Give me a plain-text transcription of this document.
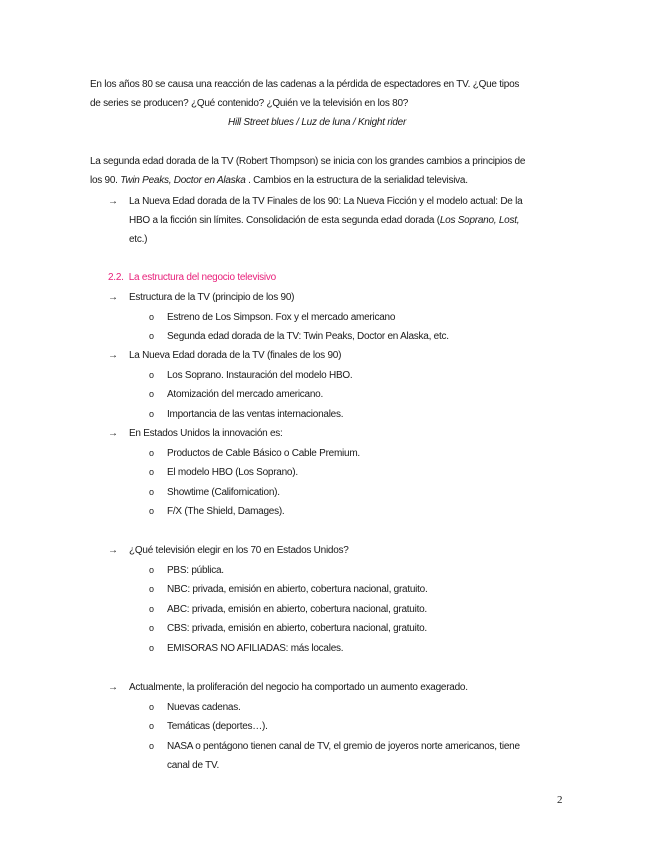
En los años 80 se causa una reacción de las cadenas a la pérdida de espectadores en TV. ¿Que tipos
de series se producen? ¿Qué contenido? ¿Quién ve la televisión en los 80?
Hill Street blues / Luz de luna / Knight rider
La segunda edad dorada de la TV (Robert Thompson) se inicia con los grandes cambios a principios de
los 90. Twin Peaks, Doctor en Alaska . Cambios en la estructura de la serialidad televisiva.
→ La Nueva Edad dorada de la TV Finales de los 90: La Nueva Ficción y el modelo actual: De la
HBO a la ficción sin límites. Consolidación de esta segunda edad dorada (Los Soprano, Lost,
etc.)
2.2. La estructura del negocio televisivo
→ Estructura de la TV (principio de los 90)
o Estreno de Los Simpson. Fox y el mercado americano
o Segunda edad dorada de la TV: Twin Peaks, Doctor en Alaska, etc.
→ La Nueva Edad dorada de la TV (finales de los 90)
o Los Soprano. Instauración del modelo HBO.
o Atomización del mercado americano.
o Importancia de las ventas internacionales.
→ En Estados Unidos la innovación es:
o Productos de Cable Básico o Cable Premium.
o El modelo HBO (Los Soprano).
o Showtime (Californication).
o F/X (The Shield, Damages).
→ ¿Qué televisión elegir en los 70 en Estados Unidos?
o PBS: pública.
o NBC: privada, emisión en abierto, cobertura nacional, gratuito.
o ABC: privada, emisión en abierto, cobertura nacional, gratuito.
o CBS: privada, emisión en abierto, cobertura nacional, gratuito.
o EMISORAS NO AFILIADAS: más locales.
→ Actualmente, la proliferación del negocio ha comportado un aumento exagerado.
o Nuevas cadenas.
o Temáticas (deportes…).
o NASA o pentágono tienen canal de TV, el gremio de joyeros norte americanos, tiene
canal de TV.
2
